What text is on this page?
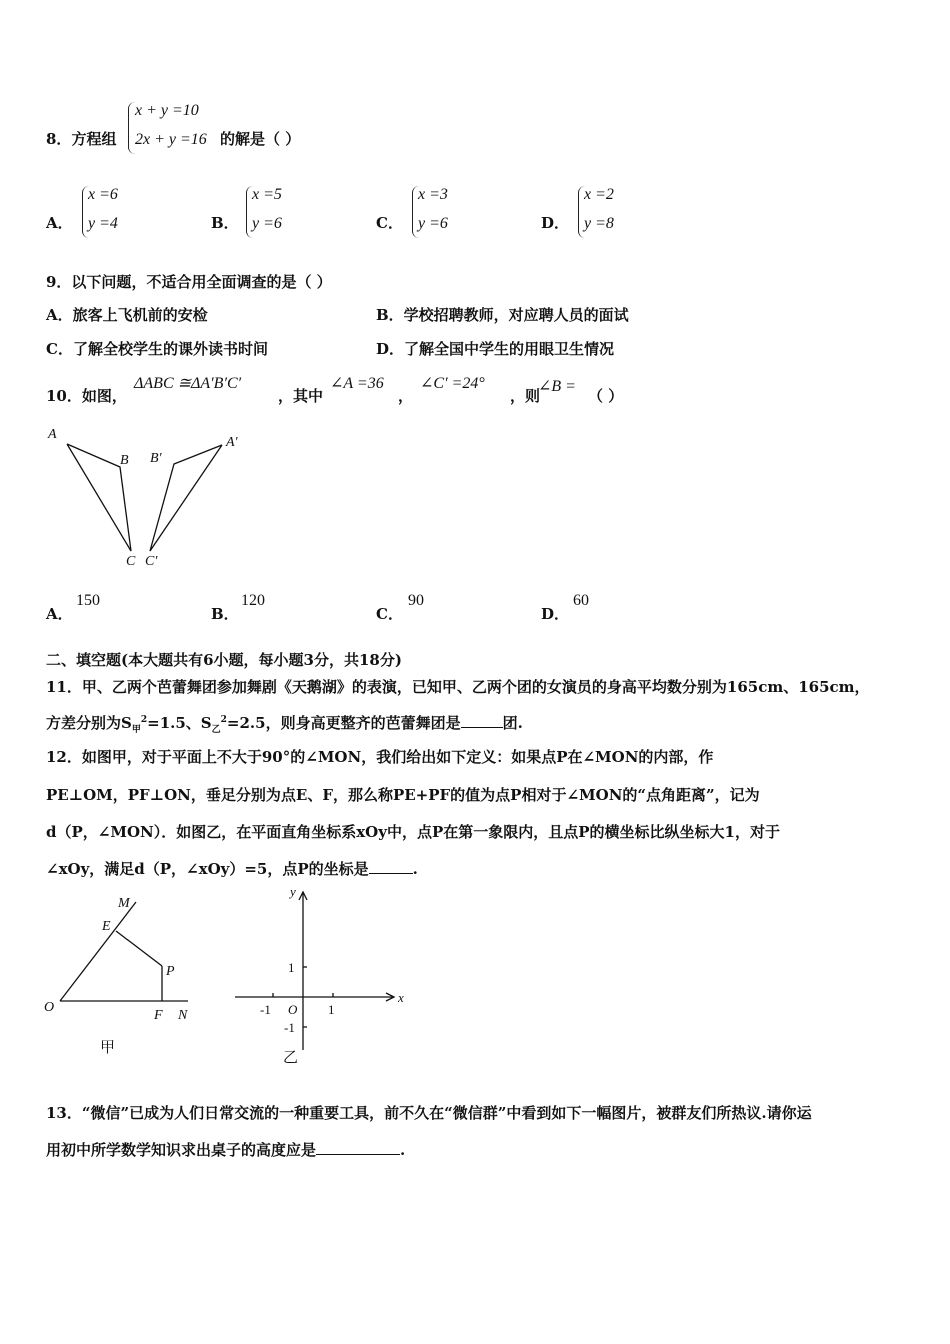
8．方程组
x + y =10
2x + y =16 的解是（ ）
A．
x =6
y =4	B．
x =5
y =6	C．
x =3
y =6	D．
x =2
y =8
9．以下问题，不适合用全面调查的是（ ）
A．旅客上飞机前的安检	B．学校招聘教师，对应聘人员的面试
C．了解全校学生的课外读书时间	D．了解全国中学生的用眼卫生情况
10．如图，
ΔABC ≅ΔA′B′C′
，其中
∠A =36
，
∠C′ =24°
，则
∠B =
（ ）
A
B
C
B′
A′
C′
A．
150
B．
120
C．
90
D．
60
二、填空题(本大题共有6小题，每小题3分，共18分)
11．甲、乙两个芭蕾舞团参加舞剧《天鹅湖》的表演，已知甲、乙两个团的女演员的身高平均数分别为165cm、165cm，
方差分别为$S_甲^2=1.5$、$S_乙^2=2.5$，则身高更整齐的芭蕾舞团是	团.
12．如图甲，对于平面上不大于90°的∠MON，我们给出如下定义：如果点P在∠MON的内部，作
PE⊥OM，PF⊥ON，垂足分别为点E、F，那么称PE+PF的值为点P相对于∠MON的“点角距离”，记为
d（P，∠MON）．如图乙，在平面直角坐标系xOy中，点P在第一象限内，且点P的横坐标比纵坐标大1，对于
∠xOy，满足d（P，∠xOy）=5，点P的坐标是	.
M
E
P
O
F N
甲
y
x
1
-1 O 1
-1
乙
13．“微信”已成为人们日常交流的一种重要工具，前不久在“微信群”中看到如下一幅图片，被群友们所热议.请你运
用初中所学数学知识求出桌子的高度应是	.
